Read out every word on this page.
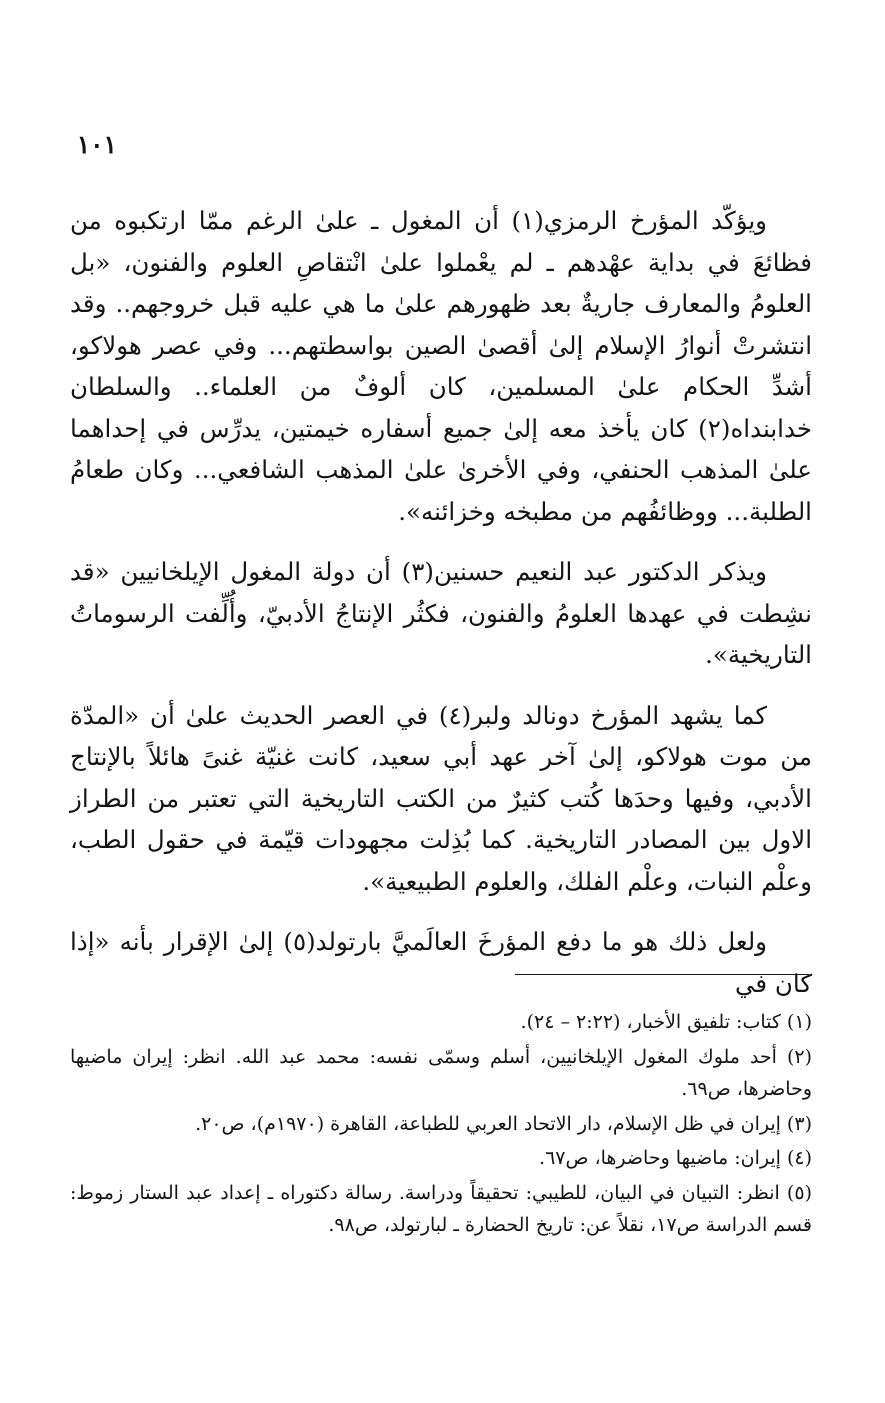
١٠١

ويؤكّد المؤرخ الرمزي(١) أن المغول ـ علىٰ الرغم ممّا ارتكبوه من فظائعَ في بداية عهْدهم ـ لم يعْملوا علىٰ انْتقاصِ العلوم والفنون، «بل العلومُ والمعارف جاريةٌ بعد ظهورهم علىٰ ما هي عليه قبل خروجهم.. وقد انتشرتْ أنوارُ الإسلام إلىٰ أقصىٰ الصين بواسطتهم... وفي عصر هولاكو، أشدِّ الحكام علىٰ المسلمين، كان ألوفٌ من العلماء.. والسلطان خدابنداه(٢) كان يأخذ معه إلىٰ جميع أسفاره خيمتين، يدرِّس في إحداهما علىٰ المذهب الحنفي، وفي الأخرىٰ علىٰ المذهب الشافعي... وكان طعامُ الطلبة... ووظائفُهم من مطبخه وخزائنه».

ويذكر الدكتور عبد النعيم حسنين(٣) أن دولة المغول الإيلخانيين «قد نشِطت في عهدها العلومُ والفنون، فكثُر الإنتاجُ الأدبيّ، وأُلِّفت الرسوماتُ التاريخية».

كما يشهد المؤرخ دونالد ولبر(٤) في العصر الحديث علىٰ أن «المدّة من موت هولاكو، إلىٰ آخر عهد أبي سعيد، كانت غنيّة غنىً هائلاً بالإنتاج الأدبي، وفيها وحدَها كُتب كثيرٌ من الكتب التاريخية التي تعتبر من الطراز الاول بين المصادر التاريخية. كما بُذِلت مجهودات قيّمة في حقول الطب، وعلْم النبات، وعلْم الفلك، والعلوم الطبيعية».

ولعل ذلك هو ما دفع المؤرخَ العالَميَّ بارتولد(٥) إلىٰ الإقرار بأنه «إذا كان في

(١) كتاب: تلفيق الأخبار، (٢:٢٢ – ٢٤).

(٢) أحد ملوك المغول الإيلخانيين، أسلم وسمّى نفسه: محمد عبد الله. انظر: إيران ماضيها وحاضرها، ص٦٩.

(٣) إيران في ظل الإسلام، دار الاتحاد العربي للطباعة، القاهرة (١٩٧٠م)، ص٢٠.

(٤) إيران: ماضيها وحاضرها، ص٦٧.

(٥) انظر: التبيان في البيان، للطيبي: تحقيقاً ودراسة. رسالة دكتوراه ـ إعداد عبد الستار زموط: قسم الدراسة ص١٧، نقلاً عن: تاريخ الحضارة ـ لبارتولد، ص٩٨.
